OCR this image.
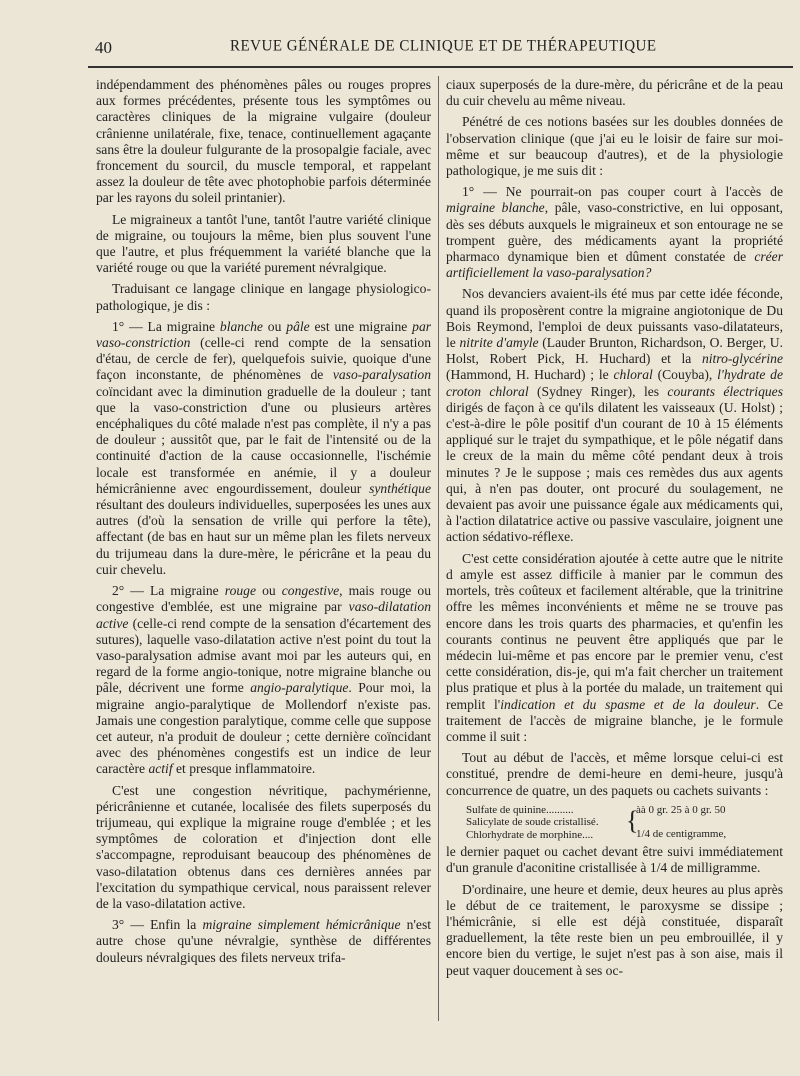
40	REVUE GÉNÉRALE DE CLINIQUE ET DE THÉRAPEUTIQUE

indépendamment des phénomènes pâles ou rouges propres aux formes précédentes, présente tous les symptômes ou caractères cliniques de la migraine vulgaire (douleur crânienne unilatérale, fixe, tenace, continuellement agaçante sans être la douleur fulgurante de la prosopalgie faciale, avec froncement du sourcil, du muscle temporal, et rappelant assez la douleur de tête avec photophobie parfois déterminée par les rayons du soleil printanier).

Le migraineux a tantôt l'une, tantôt l'autre variété clinique de migraine, ou toujours la même, bien plus souvent l'une que l'autre, et plus fréquemment la variété blanche que la variété rouge ou que la variété purement névralgique.

Traduisant ce langage clinique en langage physiologico-pathologique, je dis :

1° — La migraine blanche ou pâle est une migraine par vaso-constriction (celle-ci rend compte de la sensation d'étau, de cercle de fer), quelquefois suivie, quoique d'une façon inconstante, de phénomènes de vaso-paralysation coïncidant avec la diminution graduelle de la douleur ; tant que la vaso-constriction d'une ou plusieurs artères encéphaliques du côté malade n'est pas complète, il n'y a pas de douleur ; aussitôt que, par le fait de l'intensité ou de la continuité d'action de la cause occasionnelle, l'ischémie locale est transformée en anémie, il y a douleur hémicrânienne avec engourdissement, douleur synthétique résultant des douleurs individuelles, superposées les unes aux autres (d'où la sensation de vrille qui perfore la tête), affectant (de bas en haut sur un même plan les filets nerveux du trijumeau dans la dure-mère, le péricrâne et la peau du cuir chevelu.

2° — La migraine rouge ou congestive, mais rouge ou congestive d'emblée, est une migraine par vaso-dilatation active (celle-ci rend compte de la sensation d'écartement des sutures), laquelle vaso-dilatation active n'est point du tout la vaso-paralysation admise avant moi par les auteurs qui, en regard de la forme angio-tonique, notre migraine blanche ou pâle, décrivent une forme angio-paralytique. Pour moi, la migraine angio-paralytique de Mollendorf n'existe pas. Jamais une congestion paralytique, comme celle que suppose cet auteur, n'a produit de douleur ; cette dernière coïncidant avec des phénomènes congestifs est un indice de leur caractère actif et presque inflammatoire.

C'est une congestion névritique, pachymérienne, péricrânienne et cutanée, localisée des filets superposés du trijumeau, qui explique la migraine rouge d'emblée ; et les symptômes de coloration et d'injection dont elle s'accompagne, reproduisant beaucoup des phénomènes de vaso-dilatation obtenus dans ces dernières années par l'excitation du sympathique cervical, nous paraissent relever de la vaso-dilatation active.

3° — Enfin la migraine simplement hémicrânique n'est autre chose qu'une névralgie, synthèse de différentes douleurs névralgiques des filets nerveux trifa-

ciaux superposés de la dure-mère, du péricrâne et de la peau du cuir chevelu au même niveau.

Pénétré de ces notions basées sur les doubles données de l'observation clinique (que j'ai eu le loisir de faire sur moi-même et sur beaucoup d'autres), et de la physiologie pathologique, je me suis dit :

1° — Ne pourrait-on pas couper court à l'accès de migraine blanche, pâle, vaso-constrictive, en lui opposant, dès ses débuts auxquels le migraineux et son entourage ne se trompent guère, des médicaments ayant la propriété pharmaco dynamique bien et dûment constatée de créer artificiellement la vaso-paralysation?

Nos devanciers avaient-ils été mus par cette idée féconde, quand ils proposèrent contre la migraine angiotonique de Du Bois Reymond, l'emploi de deux puissants vaso-dilatateurs, le nitrite d'amyle (Lauder Brunton, Richardson, O. Berger, U. Holst, Robert Pick, H. Huchard) et la nitro-glycérine (Hammond, H. Huchard) ; le chloral (Couyba), l'hydrate de croton chloral (Sydney Ringer), les courants électriques dirigés de façon à ce qu'ils dilatent les vaisseaux (U. Holst) ; c'est-à-dire le pôle positif d'un courant de 10 à 15 éléments appliqué sur le trajet du sympathique, et le pôle négatif dans le creux de la main du même côté pendant deux à trois minutes ? Je le suppose ; mais ces remèdes dus aux agents qui, à n'en pas douter, ont procuré du soulagement, ne devaient pas avoir une puissance égale aux médicaments qui, à l'action dilatatrice active ou passive vasculaire, joignent une action sédativo-réflexe.

C'est cette considération ajoutée à cette autre que le nitrite d amyle est assez difficile à manier par le commun des mortels, très coûteux et facilement altérable, que la trinitrine offre les mêmes inconvénients et même ne se trouve pas encore dans les trois quarts des pharmacies, et qu'enfin les courants continus ne peuvent être appliqués que par le médecin lui-même et pas encore par le premier venu, c'est cette considération, dis-je, qui m'a fait chercher un traitement plus pratique et plus à la portée du malade, un traitement qui remplit l'indication et du spasme et de la douleur. Ce traitement de l'accès de migraine blanche, je le formule comme il suit :

Tout au début de l'accès, et même lorsque celui-ci est constitué, prendre de demi-heure en demi-heure, jusqu'à concurrence de quatre, un des paquets ou cachets suivants :

Sulfate de quinine..........
Salicylate de soude cristallisé.
Chlorhydrate de morphine....	{
àà 0 gr. 25 à 0 gr. 50
1/4 de centigramme,

le dernier paquet ou cachet devant être suivi immédiatement d'un granule d'aconitine cristallisée à 1/4 de milligramme.

D'ordinaire, une heure et demie, deux heures au plus après le début de ce traitement, le paroxysme se dissipe ; l'hémicrânie, si elle est déjà constituée, disparaît graduellement, la tête reste bien un peu embrouillée, il y encore bien du vertige, le sujet n'est pas à son aise, mais il peut vaquer doucement à ses oc-
